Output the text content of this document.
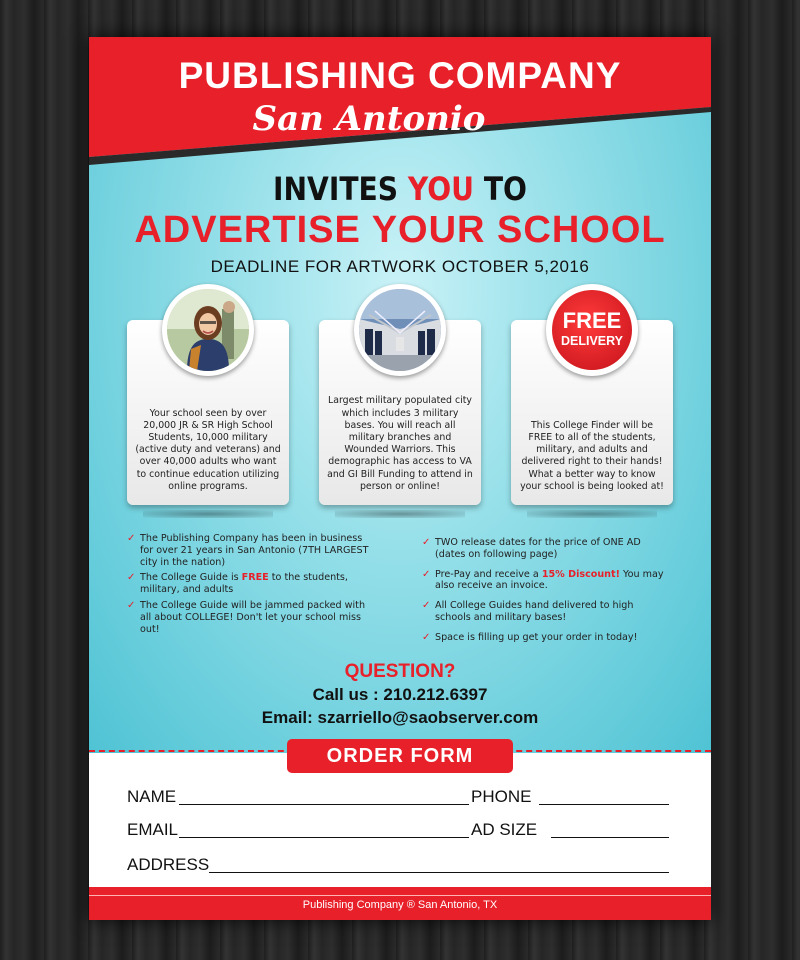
PUBLISHING COMPANY
San Antonio
INVITES YOU TO
ADVERTISE YOUR SCHOOL
DEADLINE FOR ARTWORK OCTOBER 5,2016
Your school seen by over 20,000 JR & SR High School Students, 10,000 military (active duty and veterans) and over 40,000 adults who want to continue education utilizing online programs.
Largest military populated city which includes 3 military bases. You will reach all military branches and Wounded Warriors. This demographic has access to VA and GI Bill Funding to attend in person or online!
This College Finder will be FREE to all of the students, military, and adults and delivered right to their hands! What a better way to know your school is being looked at!
FREE
DELIVERY
✓ The Publishing Company has been in business for over 21 years in San Antonio (7TH LARGEST city in the nation)
✓ The College Guide is FREE to the students, military, and adults
✓ The College Guide will be jammed packed with all about COLLEGE! Don't let your school miss out!
✓ TWO release dates for the price of ONE AD (dates on following page)
✓ Pre-Pay and receive a 15% Discount! You may also receive an invoice.
✓ All College Guides hand delivered to high schools and military bases!
✓ Space is filling up get your order in today!
QUESTION?
Call us : 210.212.6397
Email: szarriello@saobserver.com
ORDER FORM
NAME	PHONE
EMAIL	AD SIZE
ADDRESS
Publishing Company ® San Antonio, TX
